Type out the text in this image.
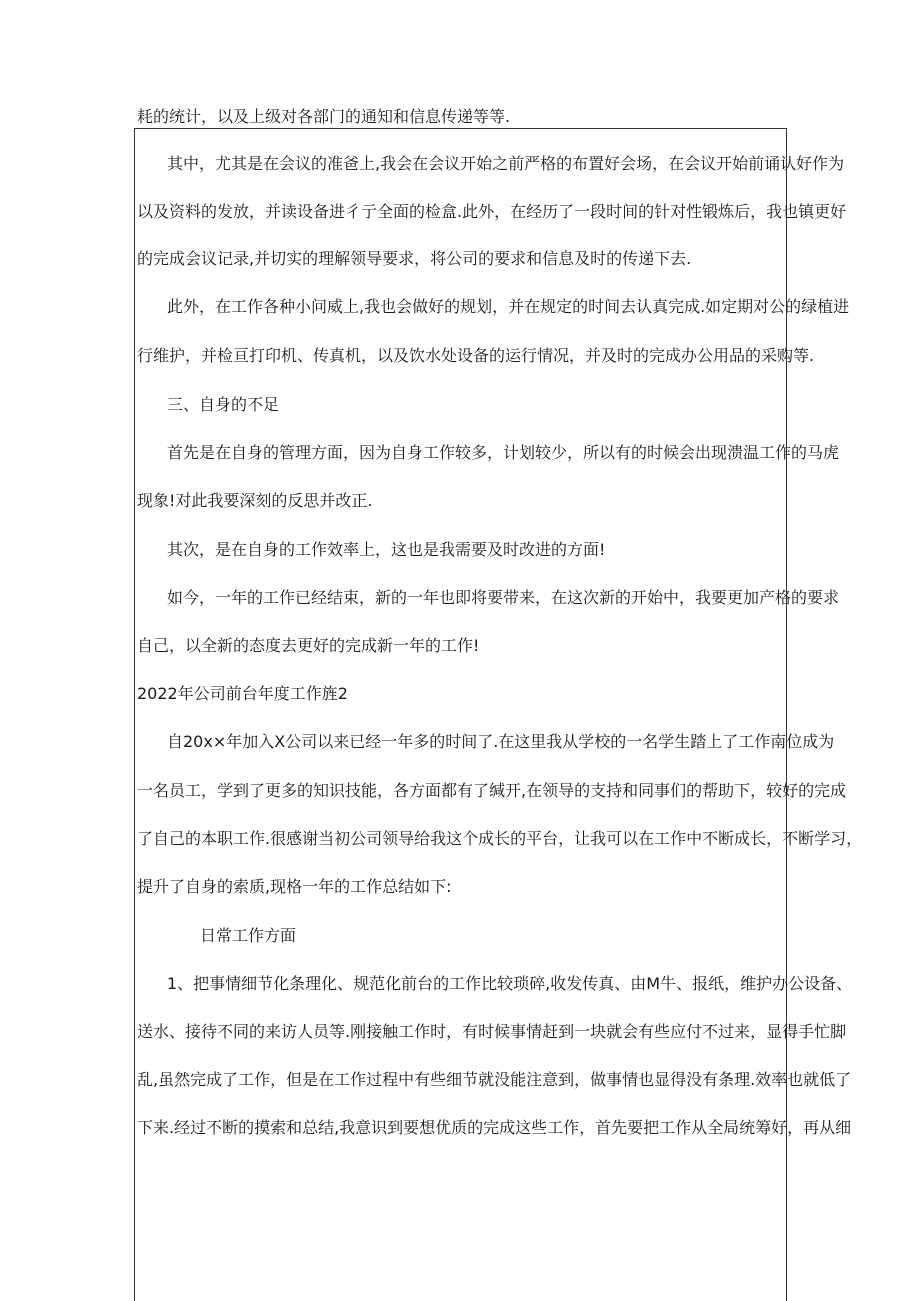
耗的统计，以及上级对各部门的通知和信息传递等等.
其中，尤其是在会议的准爸上,我会在会议开始之前严格的布置好会场，在会议开始前诵认好作为
以及资料的发放，并读设备进彳亍全面的检盒.此外，在经历了一段时间的针对性锻炼后，我也镇更好
的完成会议记录,并切实的理解领导要求，将公司的要求和信息及时的传递下去.
此外，在工作各种小问威上,我也会做好的规划，并在规定的时间去认真完成.如定期对公的绿植进
行维护，并检亘打印机、传真机，以及饮水处设备的运行情况，并及时的完成办公用品的采购等.
三、自身的不足
首先是在自身的管理方面，因为自身工作较多，计划较少，所以有的时候会出现溃温工作的马虎
现象!对此我要深刻的反思并改正.
其次，是在自身的工作效率上，这也是我需要及时改进的方面!
如今，一年的工作已经结束，新的一年也即将要带来，在这次新的开始中，我要更加产格的要求
自己，以全新的态度去更好的完成新一年的工作!
2022年公司前台年度工作旌2
自20x×年加入X公司以来已经一年多的时间了.在这里我从学校的一名学生踏上了工作南位成为
一名员工，学到了更多的知识技能，各方面都有了缄开,在领导的支持和同事们的帮助下，较好的完成
了自己的本职工作.很感谢当初公司领导给我这个成长的平台，让我可以在工作中不断成长，不断学习，
提升了自身的索质,现格一年的工作总结如下:
日常工作方面
1、把事情细节化条理化、规范化前台的工作比较琐碎,收发传真、由M牛、报纸，维护办公设备、
送水、接待不同的来访人员等.刚接触工作时，有时候事情赶到一块就会有些应付不过来，显得手忙脚
乱,虽然完成了工作，但是在工作过程中有些细节就没能注意到，做事情也显得没有条理.效率也就低了
下来.经过不断的摸索和总结,我意识到要想优质的完成这些工作，首先要把工作从全局统筹好，再从细
